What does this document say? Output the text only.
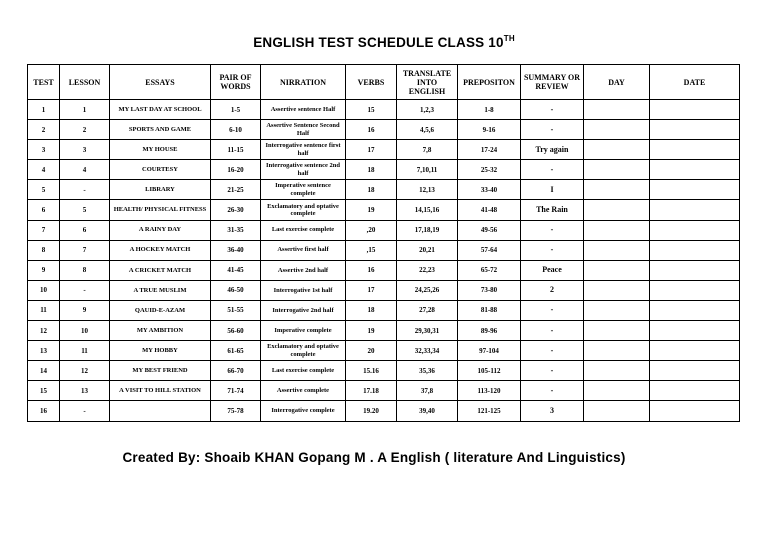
ENGLISH TEST SCHEDULE CLASS 10TH
TEST	LESSON	ESSAYS	PAIR OF WORDS	NIRRATION	VERBS	TRANSLATE INTO ENGLISH	PREPOSITON	SUMMARY OR REVIEW	DAY	DATE
1	1	MY LAST DAY AT SCHOOL	1-5	Assertive sentence Half	15	1,2,3	1-8	-		
2	2	SPORTS AND GAME	6-10	Assertive Sentence Second Half	16	4,5,6	9-16	-		
3	3	MY HOUSE	11-15	Interrogative sentence first half	17	7,8	17-24	Try again		
4	4	COURTESY	16-20	Interrogative sentence 2nd half	18	7,10,11	25-32	-		
5	-	LIBRARY	21-25	Imperative sentence complete	18	12,13	33-40	I		
6	5	HEALTH/ PHYSICAL FITNESS	26-30	Exclamatory and optative complete	19	14,15,16	41-48	The Rain		
7	6	A RAINY DAY	31-35	Last exercise complete	,20	17,18,19	49-56	-		
8	7	A HOCKEY MATCH	36-40	Assertive first half	,15	20,21	57-64	-		
9	8	A CRICKET MATCH	41-45	Assertive 2nd half	16	22,23	65-72	Peace		
10	-	A TRUE MUSLIM	46-50	Interrogative 1st half	17	24,25,26	73-80	2		
11	9	QAUID-E-AZAM	51-55	Interrogative 2nd half	18	27,28	81-88	-		
12	10	MY AMBITION	56-60	Imperative complete	19	29,30,31	89-96	-		
13	11	MY HOBBY	61-65	Exclamatory and optative complete	20	32,33,34	97-104	-		
14	12	MY BEST FRIEND	66-70	Last exercise complete	15.16	35,36	105-112	-		
15	13	A VISIT TO HILL STATION	71-74	Assertive complete	17.18	37,8	113-120	-		
16	-		75-78	Interrogative complete	19.20	39,40	121-125	3		
Created By: Shoaib KHAN Gopang M . A English ( literature And Linguistics)
